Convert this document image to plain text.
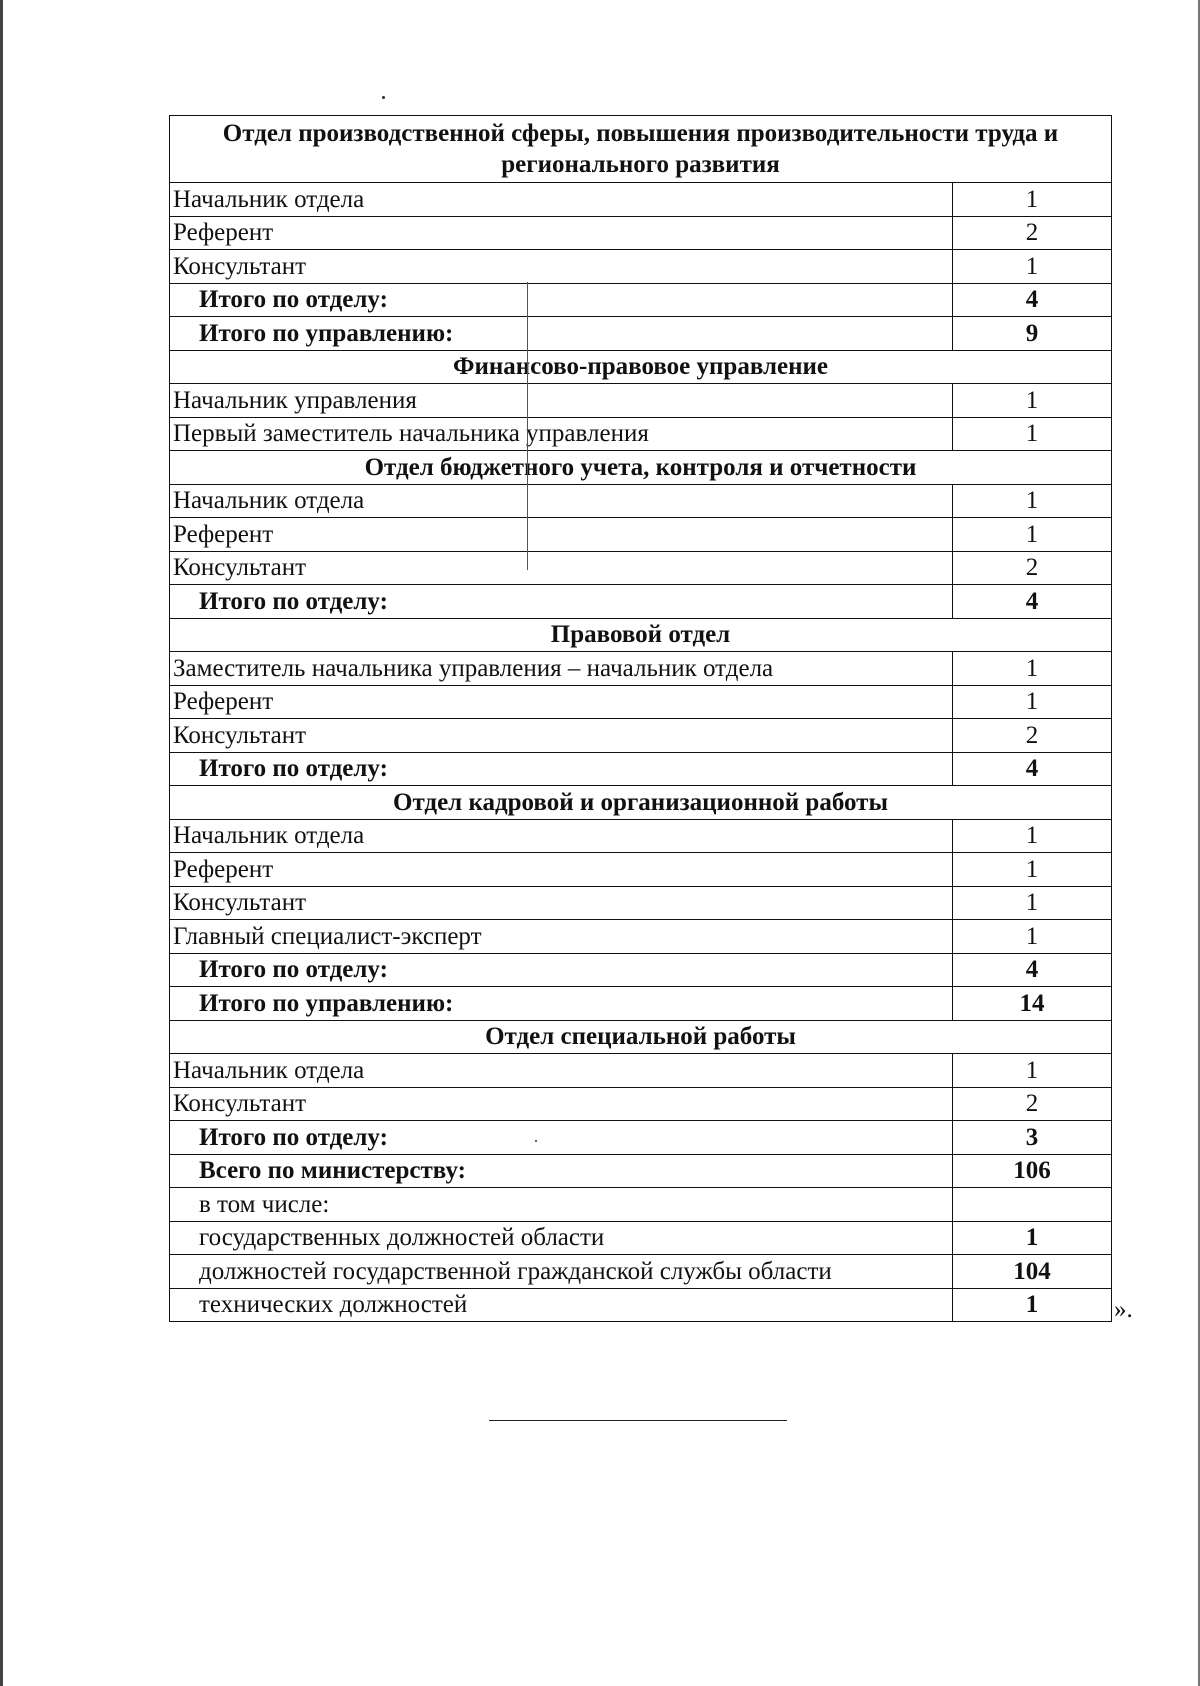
Отдел производственной сферы, повышения производительности труда и регионального развития	
Начальник отдела	1
Референт	2
Консультант	1
Итого по отделу:	4
Итого по управлению:	9
Финансово-правовое управление	
Начальник управления	1
Первый заместитель начальника управления	1
Отдел бюджетного учета, контроля и отчетности	
Начальник отдела	1
Референт	1
Консультант	2
Итого по отделу:	4
Правовой отдел	
Заместитель начальника управления – начальник отдела	1
Референт	1
Консультант	2
Итого по отделу:	4
Отдел кадровой и организационной работы	
Начальник отдела	1
Референт	1
Консультант	1
Главный специалист-эксперт	1
Итого по отделу:	4
Итого по управлению:	14
Отдел специальной работы	
Начальник отдела	1
Консультант	2
Итого по отделу:	3
Всего по министерству:	106
в том числе:	
государственных должностей области	1
должностей государственной гражданской службы области	104
технических должностей	1	».
